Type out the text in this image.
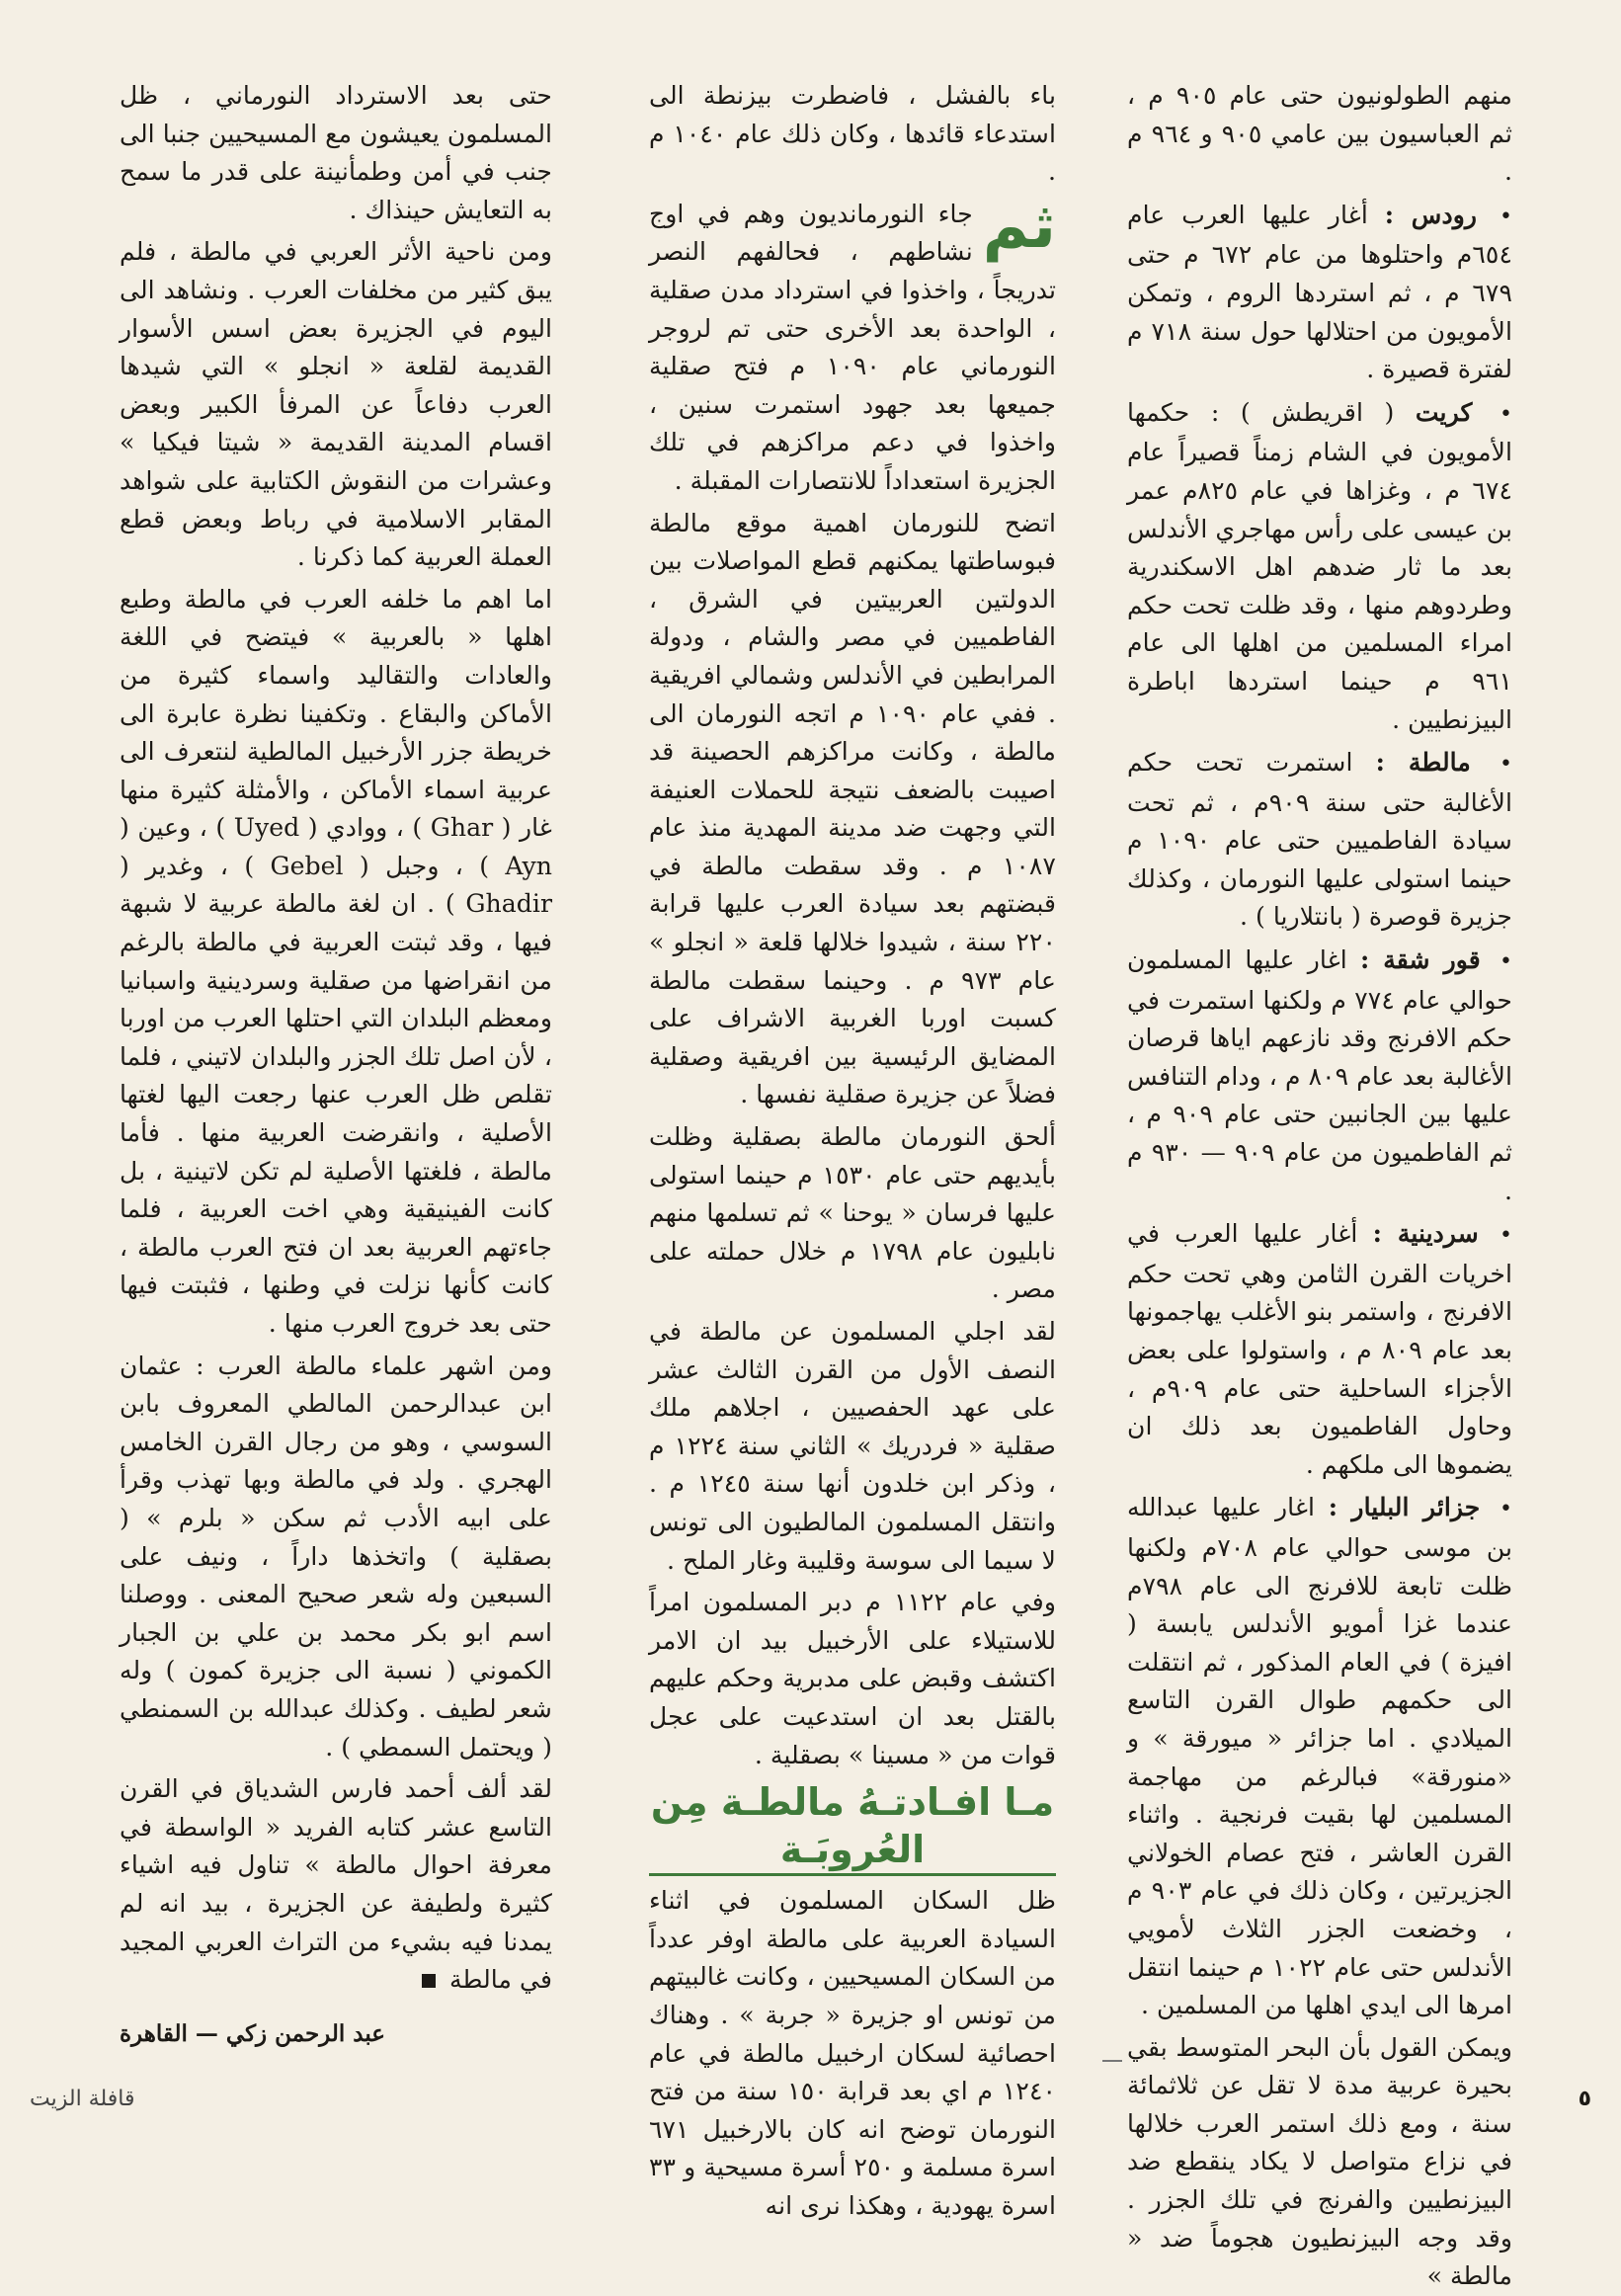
منهم الطولونيون حتى عام ٩٠٥ م ، ثم العباسيون بين عامي ٩٠٥ و ٩٦٤ م .

• رودس : أغار عليها العرب عام ٦٥٤م واحتلوها من عام ٦٧٢ م حتى ٦٧٩ م ، ثم استردها الروم ، وتمكن الأمويون من احتلالها حول سنة ٧١٨ م لفترة قصيرة .

• كريت ( اقريطش ) : حكمها الأمويون في الشام زمناً قصيراً عام ٦٧٤ م ، وغزاها في عام ٨٢٥م عمر بن عيسى على رأس مهاجري الأندلس بعد ما ثار ضدهم اهل الاسكندرية وطردوهم منها ، وقد ظلت تحت حكم امراء المسلمين من اهلها الى عام ٩٦١ م حينما استردها اباطرة البيزنطيين .

• مالطة : استمرت تحت حكم الأغالبة حتى سنة ٩٠٩م ، ثم تحت سيادة الفاطميين حتى عام ١٠٩٠ م حينما استولى عليها النورمان ، وكذلك جزيرة قوصرة ( بانتلاريا ) .

• قور شقة : اغار عليها المسلمون حوالي عام ٧٧٤ م ولكنها استمرت في حكم الافرنج وقد نازعهم اياها قرصان الأغالبة بعد عام ٨٠٩ م ، ودام التنافس عليها بين الجانبين حتى عام ٩٠٩ م ، ثم الفاطميون من عام ٩٠٩ — ٩٣٠ م .

• سردينية : أغار عليها العرب في اخريات القرن الثامن وهي تحت حكم الافرنج ، واستمر بنو الأغلب يهاجمونها بعد عام ٨٠٩ م ، واستولوا على بعض الأجزاء الساحلية حتى عام ٩٠٩م ، وحاول الفاطميون بعد ذلك ان يضموها الى ملكهم .

• جزائر البليار : اغار عليها عبدالله بن موسى حوالي عام ٧٠٨م ولكنها ظلت تابعة للافرنج الى عام ٧٩٨م عندما غزا أمويو الأندلس يابسة ( افيزة ) في العام المذكور ، ثم انتقلت الى حكمهم طوال القرن التاسع الميلادي . اما جزائر « ميورقة » و «منورقة» فبالرغم من مهاجمة المسلمين لها بقيت فرنجية . واثناء القرن العاشر ، فتح عصام الخولاني الجزيرتين ، وكان ذلك في عام ٩٠٣ م ، وخضعت الجزر الثلاث لأمويي الأندلس حتى عام ١٠٢٢ م حينما انتقل امرها الى ايدي اهلها من المسلمين .

ويمكن القول بأن البحر المتوسط بقي بحيرة عربية مدة لا تقل عن ثلاثمائة سنة ، ومع ذلك استمر العرب خلالها في نزاع متواصل لا يكاد ينقطع ضد البيزنطيين والفرنج في تلك الجزر . وقد وجه البيزنطيون هجوماً ضد « مالطة »

باء بالفشل ، فاضطرت بيزنطة الى استدعاء قائدها ، وكان ذلك عام ١٠٤٠ م .

ثم
جاء النورمانديون وهم في اوج نشاطهم ، فحالفهم النصر تدريجاً ، واخذوا في استرداد مدن صقلية ، الواحدة بعد الأخرى حتى تم لروجر النورماني عام ١٠٩٠ م فتح صقلية جميعها بعد جهود استمرت سنين ، واخذوا في دعم مراكزهم في تلك الجزيرة استعداداً للانتصارات المقبلة .

اتضح للنورمان اهمية موقع مالطة فبوساطتها يمكنهم قطع المواصلات بين الدولتين العربيتين في الشرق ، الفاطميين في مصر والشام ، ودولة المرابطين في الأندلس وشمالي افريقية . ففي عام ١٠٩٠ م اتجه النورمان الى مالطة ، وكانت مراكزهم الحصينة قد اصيبت بالضعف نتيجة للحملات العنيفة التي وجهت ضد مدينة المهدية منذ عام ١٠٨٧ م . وقد سقطت مالطة في قبضتهم بعد سيادة العرب عليها قرابة ٢٢٠ سنة ، شيدوا خلالها قلعة « انجلو » عام ٩٧٣ م . وحينما سقطت مالطة كسبت اوربا الغربية الاشراف على المضايق الرئيسية بين افريقية وصقلية فضلاً عن جزيرة صقلية نفسها .

ألحق النورمان مالطة بصقلية وظلت بأيديهم حتى عام ١٥٣٠ م حينما استولى عليها فرسان « يوحنا » ثم تسلمها منهم نابليون عام ١٧٩٨ م خلال حملته على مصر .

لقد اجلي المسلمون عن مالطة في النصف الأول من القرن الثالث عشر على عهد الحفصيين ، اجلاهم ملك صقلية « فردريك » الثاني سنة ١٢٢٤ م ، وذكر ابن خلدون أنها سنة ١٢٤٥ م . وانتقل المسلمون المالطيون الى تونس لا سيما الى سوسة وقليبة وغار الملح .

وفي عام ١١٢٢ م دبر المسلمون امراً للاستيلاء على الأرخبيل بيد ان الامر اكتشف وقبض على مدبرية وحكم عليهم بالقتل بعد ان استدعيت على عجل قوات من « مسينا » بصقلية .

مـا افـادتـهُ مالطـة مِن العُروبَـة

ظل السكان المسلمون في اثناء السيادة العربية على مالطة اوفر عدداً من السكان المسيحيين ، وكانت غالبيتهم من تونس او جزيرة « جربة » . وهناك احصائية لسكان ارخبيل مالطة في عام ١٢٤٠ م اي بعد قرابة ١٥٠ سنة من فتح النورمان توضح انه كان بالارخبيل ٦٧١ اسرة مسلمة و ٢٥٠ أسرة مسيحية و ٣٣ اسرة يهودية ، وهكذا نرى انه

حتى بعد الاسترداد النورماني ، ظل المسلمون يعيشون مع المسيحيين جنبا الى جنب في أمن وطمأنينة على قدر ما سمح به التعايش حينذاك .

ومن ناحية الأثر العربي في مالطة ، فلم يبق كثير من مخلفات العرب . ونشاهد الى اليوم في الجزيرة بعض اسس الأسوار القديمة لقلعة « انجلو » التي شيدها العرب دفاعاً عن المرفأ الكبير وبعض اقسام المدينة القديمة « شيتا فيكيا » وعشرات من النقوش الكتابية على شواهد المقابر الاسلامية في رباط وبعض قطع العملة العربية كما ذكرنا .

اما اهم ما خلفه العرب في مالطة وطبع اهلها « بالعربية » فيتضح في اللغة والعادات والتقاليد واسماء كثيرة من الأماكن والبقاع . وتكفينا نظرة عابرة الى خريطة جزر الأرخبيل المالطية لنتعرف الى عربية اسماء الأماكن ، والأمثلة كثيرة منها غار ( Ghar ) ، ووادي ( Uyed ) ، وعين ( Ayn ) ، وجبل ( Gebel ) ، وغدير ( Ghadir ) . ان لغة مالطة عربية لا شبهة فيها ، وقد ثبتت العربية في مالطة بالرغم من انقراضها من صقلية وسردينية واسبانيا ومعظم البلدان التي احتلها العرب من اوربا ، لأن اصل تلك الجزر والبلدان لاتيني ، فلما تقلص ظل العرب عنها رجعت اليها لغتها الأصلية ، وانقرضت العربية منها . فأما مالطة ، فلغتها الأصلية لم تكن لاتينية ، بل كانت الفينيقية وهي اخت العربية ، فلما جاءتهم العربية بعد ان فتح العرب مالطة ، كانت كأنها نزلت في وطنها ، فثبتت فيها حتى بعد خروج العرب منها .

ومن اشهر علماء مالطة العرب : عثمان ابن عبدالرحمن المالطي المعروف بابن السوسي ، وهو من رجال القرن الخامس الهجري . ولد في مالطة وبها تهذب وقرأ على ابيه الأدب ثم سكن « بلرم » ( بصقلية ) واتخذها داراً ، ونيف على السبعين وله شعر صحيح المعنى . ووصلنا اسم ابو بكر محمد بن علي بن الجبار الكموني ( نسبة الى جزيرة كمون ) وله شعر لطيف . وكذلك عبدالله بن السمنطي ( ويحتمل السمطي ) .

لقد ألف أحمد فارس الشدياق في القرن التاسع عشر كتابه الفريد « الواسطة في معرفة احوال مالطة » تناول فيه اشياء كثيرة ولطيفة عن الجزيرة ، بيد انه لم يمدنا فيه بشيء من التراث العربي المجيد في مالطة

عبد الرحمن زكي — القاهرة
٥
قافلة الزيت
